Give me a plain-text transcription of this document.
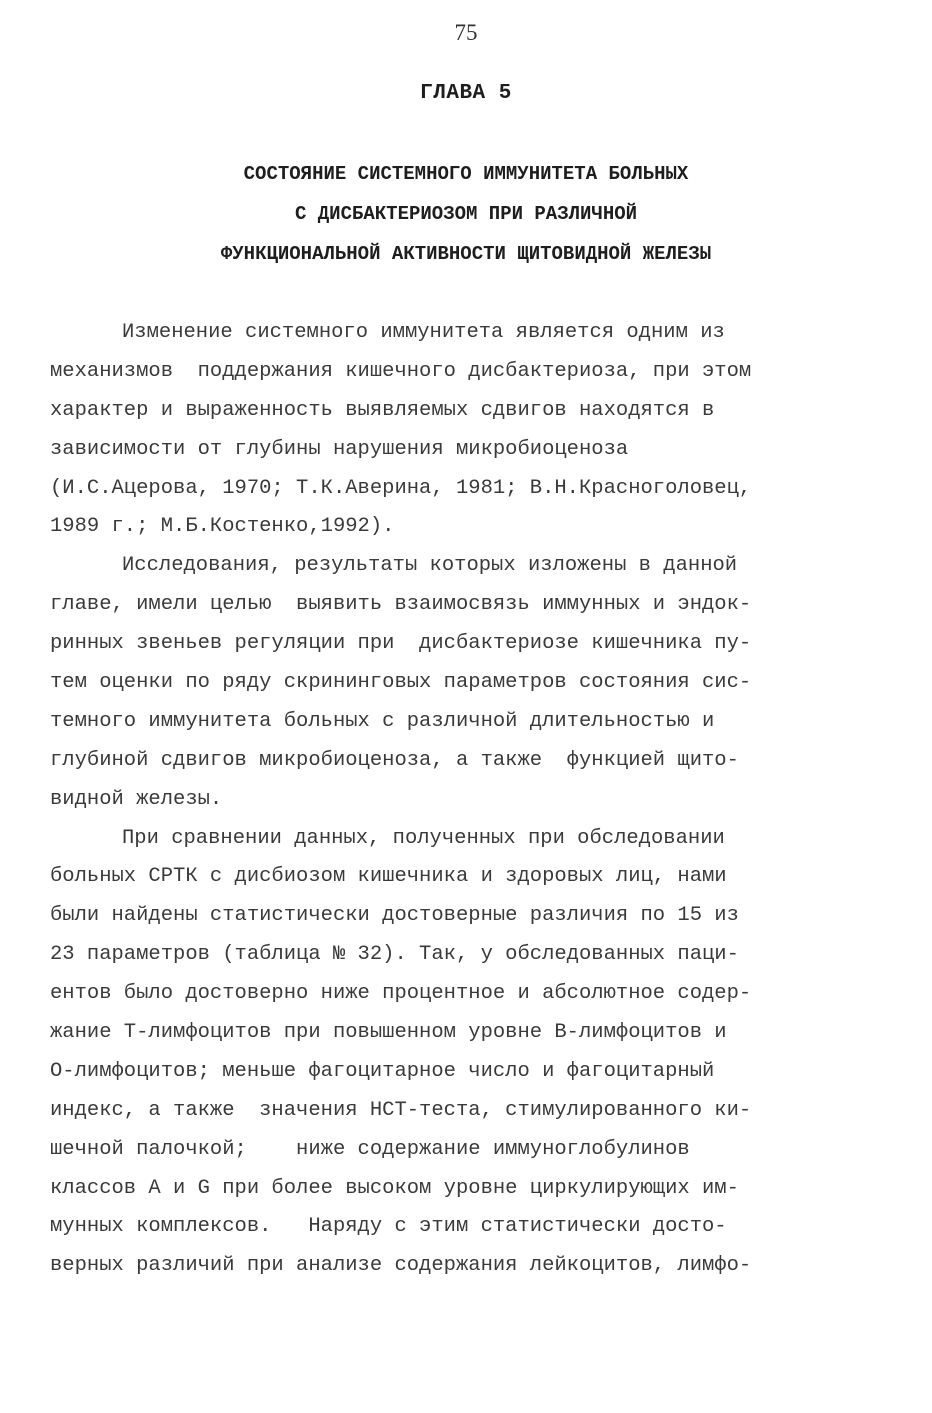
75
ГЛАВА 5
СОСТОЯНИЕ СИСТЕМНОГО ИММУНИТЕТА БОЛЬНЫХ
С ДИСБАКТЕРИОЗОМ ПРИ РАЗЛИЧНОЙ
ФУНКЦИОНАЛЬНОЙ АКТИВНОСТИ ЩИТОВИДНОЙ ЖЕЛЕЗЫ
Изменение системного иммунитета является одним из
механизмов  поддержания кишечного дисбактериоза, при этом
характер и выраженность выявляемых сдвигов находятся в
зависимости от глубины нарушения микробиоценоза
(И.С.Ацерова, 1970; Т.К.Аверина, 1981; В.Н.Красноголовец,
1989 г.; М.Б.Костенко,1992).
Исследования, результаты которых изложены в данной
главе, имели целью  выявить взаимосвязь иммунных и эндок-
ринных звеньев регуляции при  дисбактериозе кишечника пу-
тем оценки по ряду скрининговых параметров состояния сис-
темного иммунитета больных с различной длительностью и
глубиной сдвигов микробиоценоза, а также  функцией щито-
видной железы.
При сравнении данных, полученных при обследовании
больных СРТК с дисбиозом кишечника и здоровых лиц, нами
были найдены статистически достоверные различия по 15 из
23 параметров (таблица № 32). Так, у обследованных паци-
ентов было достоверно ниже процентное и абсолютное содер-
жание Т-лимфоцитов при повышенном уровне В-лимфоцитов и
О-лимфоцитов; меньше фагоцитарное число и фагоцитарный
индекс, а также  значения НСТ-теста, стимулированного ки-
шечной палочкой;    ниже содержание иммуноглобулинов
классов А и G при более высоком уровне циркулирующих им-
мунных комплексов.   Наряду с этим статистически досто-
верных различий при анализе содержания лейкоцитов, лимфо-
